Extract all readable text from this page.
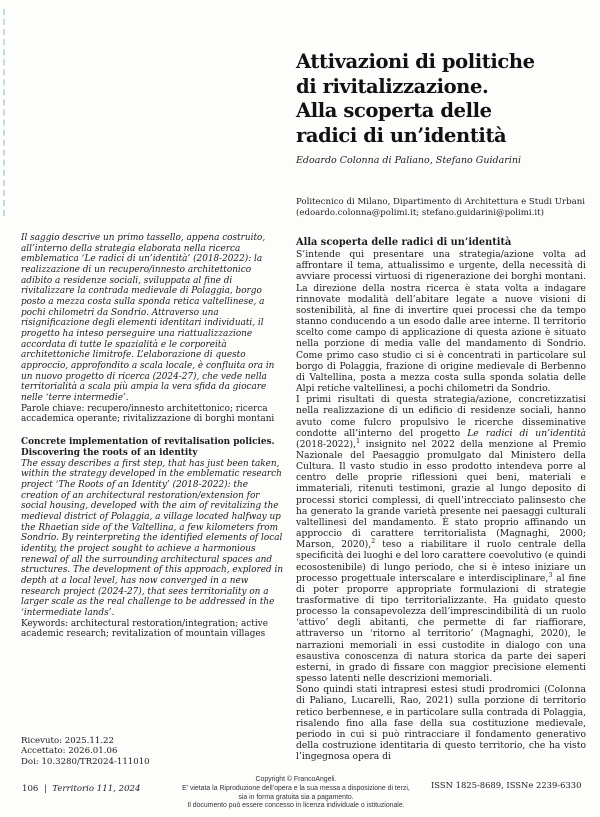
Attivazioni di politiche
di rivitalizzazione.
Alla scoperta delle
radici di un’identità
Edoardo Colonna di Paliano, Stefano Guidarini
Politecnico di Milano, Dipartimento di Architettura e Studi Urbani
(edoardo.colonna@polimi.it; stefano.guidarini@polimi.it)
Alla scoperta delle radici di un’identità

S’intende qui presentare una strategia/azione volta ad affrontare il tema, attualissimo e urgente, della necessità di avviare processi virtuosi di rigenerazione dei borghi montani. La direzione della nostra ricerca è stata volta a indagare rinnovate modalità dell’abitare legate a nuove visioni di sostenibilità, al fine di invertire quei processi che da tempo stanno conducendo a un esodo dalle aree interne. Il territorio scelto come campo di applicazione di questa azione è situato nella porzione di media valle del mandamento di Sondrio. Come primo caso studio ci si è concentrati in particolare sul borgo di Polaggia, frazione di origine medievale di Berbenno di Valtellina, posta a mezza costa sulla sponda solatia delle Alpi retiche valtellinesi, a pochi chilometri da Sondrio.

I primi risultati di questa strategia/azione, concretizzatisi nella realizzazione di un edificio di residenze sociali, hanno avuto come fulcro propulsivo le ricerche disseminative condotte all’interno del progetto Le radici di un’identità (2018-2022),$^1$ insignito nel 2022 della menzione al Premio Nazionale del Paesaggio promulgato dal Ministero della Cultura. Il vasto studio in esso prodotto intendeva porre al centro delle proprie riflessioni quei beni, materiali e immateriali, ritenuti testimoni, grazie al lungo deposito di processi storici complessi, di quell’intrecciato palinsesto che ha generato la grande varietà presente nei paesaggi culturali valtellinesi del mandamento. È stato proprio affinando un approccio di carattere territorialista (Magnaghi, 2000; Marson, 2020),$^2$ teso a riabilitare il ruolo centrale della specificità dei luoghi e del loro carattere coevolutivo (e quindi ecosostenibile) di lungo periodo, che si è inteso iniziare un processo progettuale interscalare e interdisciplinare,$^3$ al fine di poter proporre appropriate formulazioni di strategie trasformative di tipo territorializzante. Ha guidato questo processo la consapevolezza dell’imprescindibilità di un ruolo ‘attivo’ degli abitanti, che permette di far riaffiorare, attraverso un ‘ritorno al territorio’ (Magnaghi, 2020), le narrazioni memoriali in essi custodite in dialogo con una esaustiva conoscenza di natura storica da parte dei saperi esterni, in grado di fissare con maggior precisione elementi spesso latenti nelle descrizioni memoriali.

Sono quindi stati intrapresi estesi studi prodromici (Colonna di Paliano, Lucarelli, Rao, 2021) sulla porzione di territorio retico berbennese, e in particolare sulla contrada di Polaggia, risalendo fino alla fase della sua costituzione medievale, periodo in cui si può rintracciare il fondamento generativo della costruzione identitaria di questo territorio, che ha visto l’ingegnosa opera di

Il saggio descrive un primo tassello, appena costruito, all’interno della strategia elaborata nella ricerca emblematica ‘Le radici di un’identità’ (2018-2022): la realizzazione di un recupero/innesto architettonico adibito a residenze sociali, sviluppata al fine di rivitalizzare la contrada medievale di Polaggia, borgo posto a mezza costa sulla sponda retica valtellinese, a pochi chilometri da Sondrio. Attraverso una risignificazione degli elementi identitari individuati, il progetto ha inteso perseguire una riattualizzazione accordata di tutte le spazialità e le corporeità architettoniche limitrofe. L’elaborazione di questo approccio, approfondito a scala locale, è confluita ora in un nuovo progetto di ricerca (2024-27), che vede nella territorialità a scala più ampia la vera sfida da giocare nelle ‘terre intermedie’.
Parole chiave: recupero/innesto architettonico; ricerca accademica operante; rivitalizzazione di borghi montani
Concrete implementation of revitalisation policies.
Discovering the roots of an identity
The essay describes a first step, that has just been taken, within the strategy developed in the emblematic research project ‘The Roots of an Identity’ (2018-2022): the creation of an architectural restoration/extension for social housing, developed with the aim of revitalizing the medieval district of Polaggia, a village located halfway up the Rhaetian side of the Valtellina, a few kilometers from Sondrio. By reinterpreting the identified elements of local identity, the project sought to achieve a harmonious renewal of all the surrounding architectural spaces and structures. The development of this approach, explored in depth at a local level, has now converged in a new research project (2024-27), that sees territoriality on a larger scale as the real challenge to be addressed in the ‘intermediate lands’.
Keywords: architectural restoration/integration; active academic research; revitalization of mountain villages
Ricevuto: 2025.11.22
Accettato: 2026.01.06
Doi: 10.3280/TR2024-111010
106 | Territorio 111, 2024
Copyright © FrancoAngeli.
E’ vietata la Riproduzione dell’opera e la sua messa a disposizione di terzi,
sia in forma gratuita sia a pagamento.
Il documento può essere concesso in licenza individuale o istituzionale.
ISSN 1825-8689, ISSNe 2239-6330
